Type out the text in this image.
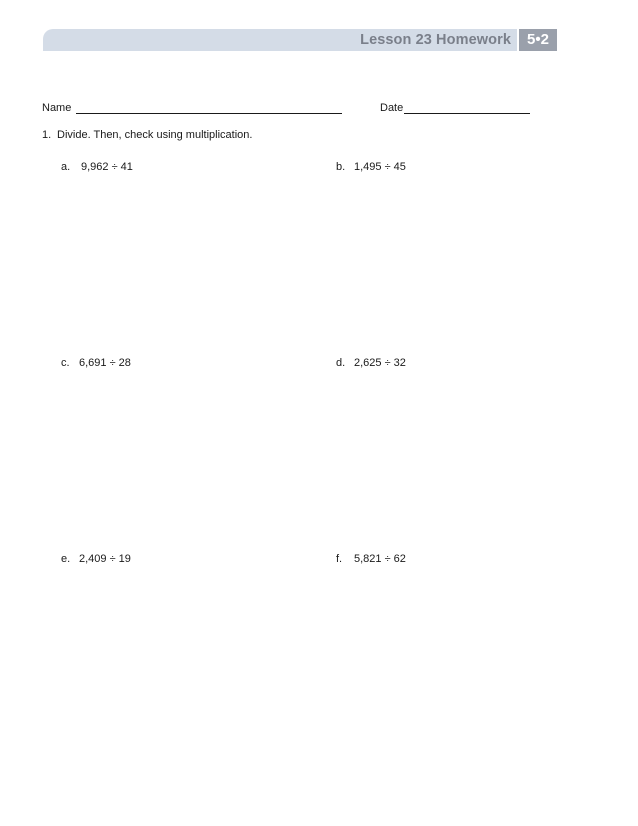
Lesson 23 Homework	5•2
Name	Date
1. Divide. Then, check using multiplication.
a. 9,962 ÷ 41	b. 1,495 ÷ 45
c. 6,691 ÷ 28	d. 2,625 ÷ 32
e. 2,409 ÷ 19	f. 5,821 ÷ 62
